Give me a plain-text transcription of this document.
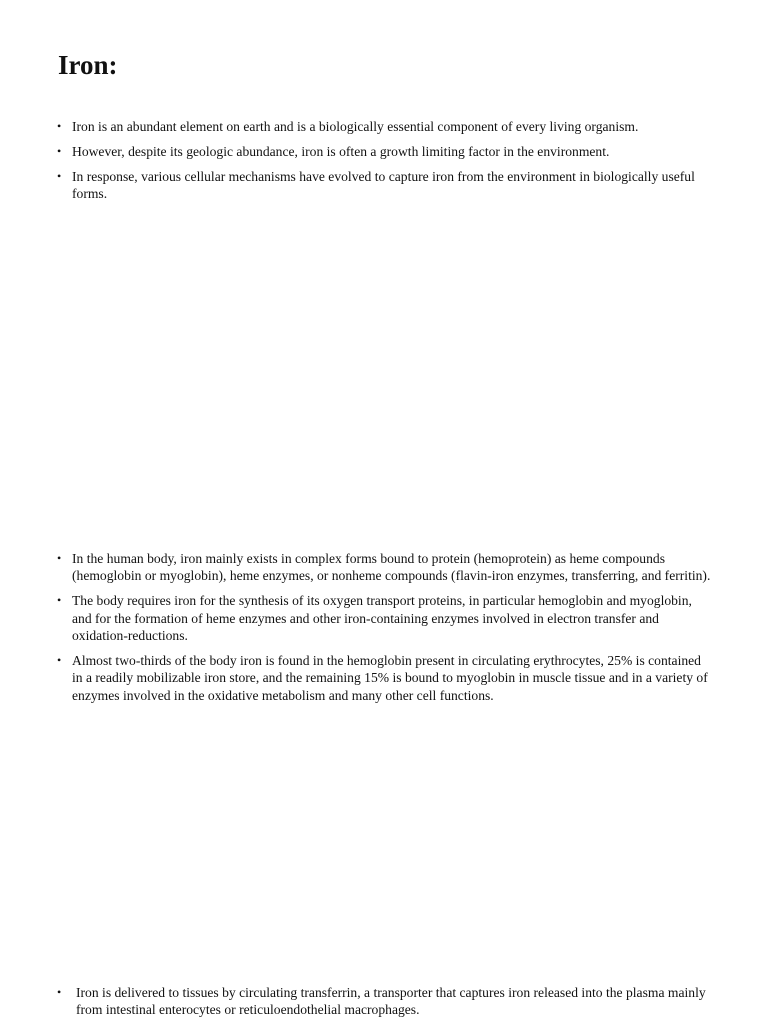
Iron:
• Iron is an abundant element on earth and is a biologically essential component of every living organism.
• However, despite its geologic abundance, iron is often a growth limiting factor in the environment.
• In response, various cellular mechanisms have evolved to capture iron from the environment in biologically useful forms.
• In the human body, iron mainly exists in complex forms bound to protein (hemoprotein) as heme compounds (hemoglobin or myoglobin), heme enzymes, or nonheme compounds (flavin-iron enzymes, transferring, and ferritin).
• The body requires iron for the synthesis of its oxygen transport proteins, in particular hemoglobin and myoglobin, and for the formation of heme enzymes and other iron-containing enzymes involved in electron transfer and oxidation-reductions.
• Almost two-thirds of the body iron is found in the hemoglobin present in circulating erythrocytes, 25% is contained in a readily mobilizable iron store, and the remaining 15% is bound to myoglobin in muscle tissue and in a variety of enzymes involved in the oxidative metabolism and many other cell functions.
• Iron is delivered to tissues by circulating transferrin, a transporter that captures iron released into the plasma mainly from intestinal enterocytes or reticuloendothelial macrophages.
